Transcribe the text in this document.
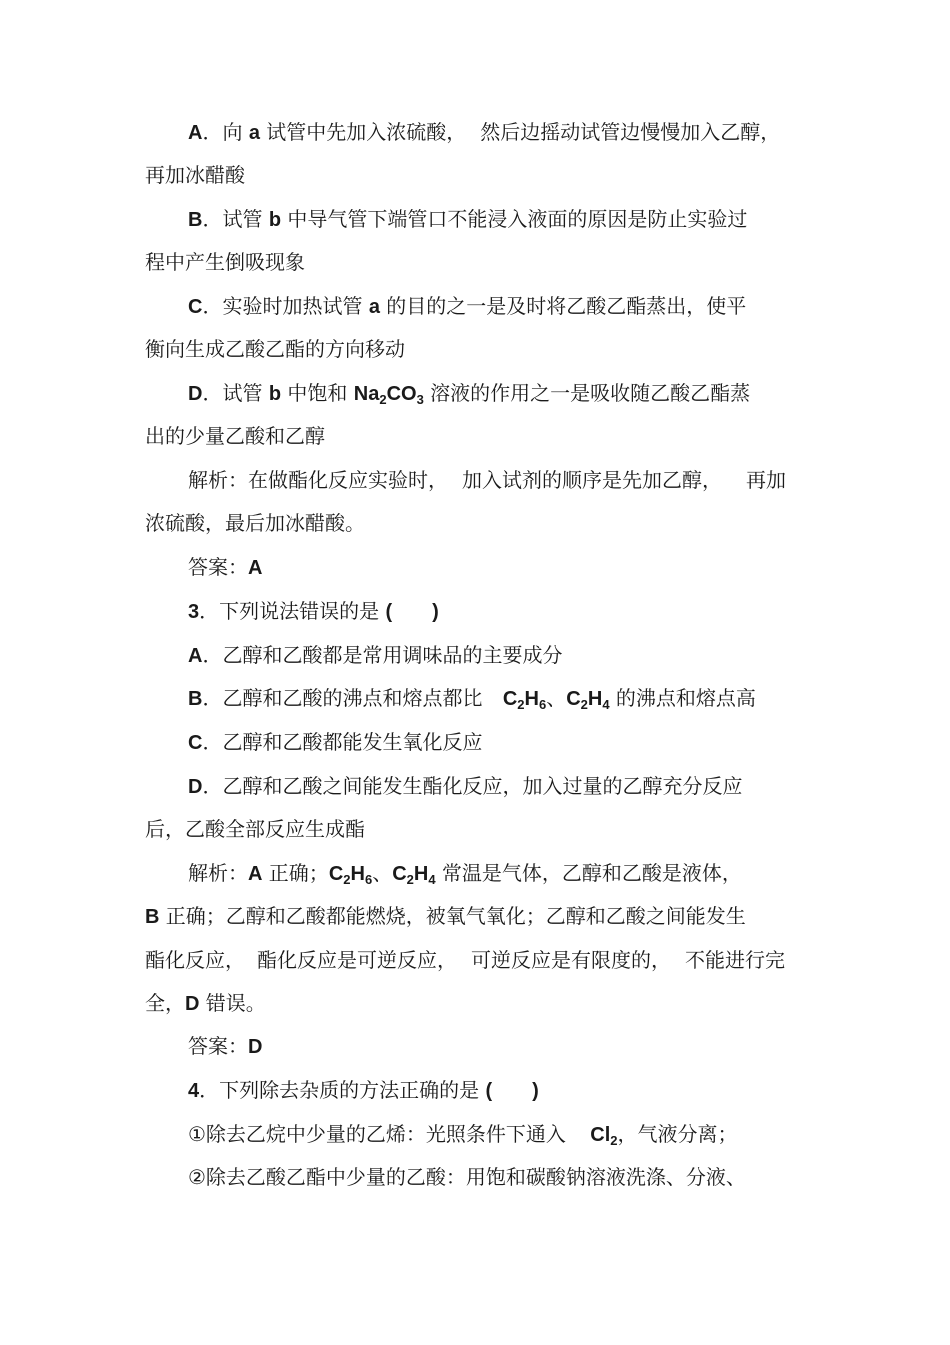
A．向 a 试管中先加入浓硫酸， 然后边摇动试管边慢慢加入乙醇，
再加冰醋酸
B．试管 b 中导气管下端管口不能浸入液面的原因是防止实验过
程中产生倒吸现象
C．实验时加热试管 a 的目的之一是及时将乙酸乙酯蒸出，使平
衡向生成乙酸乙酯的方向移动
D．试管 b 中饱和 $Na_2CO_3$ 溶液的作用之一是吸收随乙酸乙酯蒸
出的少量乙酸和乙醇
解析：在做酯化反应实验时， 加入试剂的顺序是先加乙醇， 再加
浓硫酸，最后加冰醋酸。
答案：A
3．下列说法错误的是 (　　)
A．乙醇和乙酸都是常用调味品的主要成分
B．乙醇和乙酸的沸点和熔点都比 $C_2H_6$、$C_2H_4$ 的沸点和熔点高
C．乙醇和乙酸都能发生氧化反应
D．乙醇和乙酸之间能发生酯化反应，加入过量的乙醇充分反应
后，乙酸全部反应生成酯
解析：A 正确；$C_2H_6$、$C_2H_4$ 常温是气体，乙醇和乙酸是液体，
B 正确；乙醇和乙酸都能燃烧，被氧气氧化；乙醇和乙酸之间能发生
酯化反应， 酯化反应是可逆反应， 可逆反应是有限度的， 不能进行完
全，D 错误。
答案：D
4．下列除去杂质的方法正确的是 (　　)
①除去乙烷中少量的乙烯：光照条件下通入 $Cl_2$，气液分离；
②除去乙酸乙酯中少量的乙酸：用饱和碳酸钠溶液洗涤、分液、
